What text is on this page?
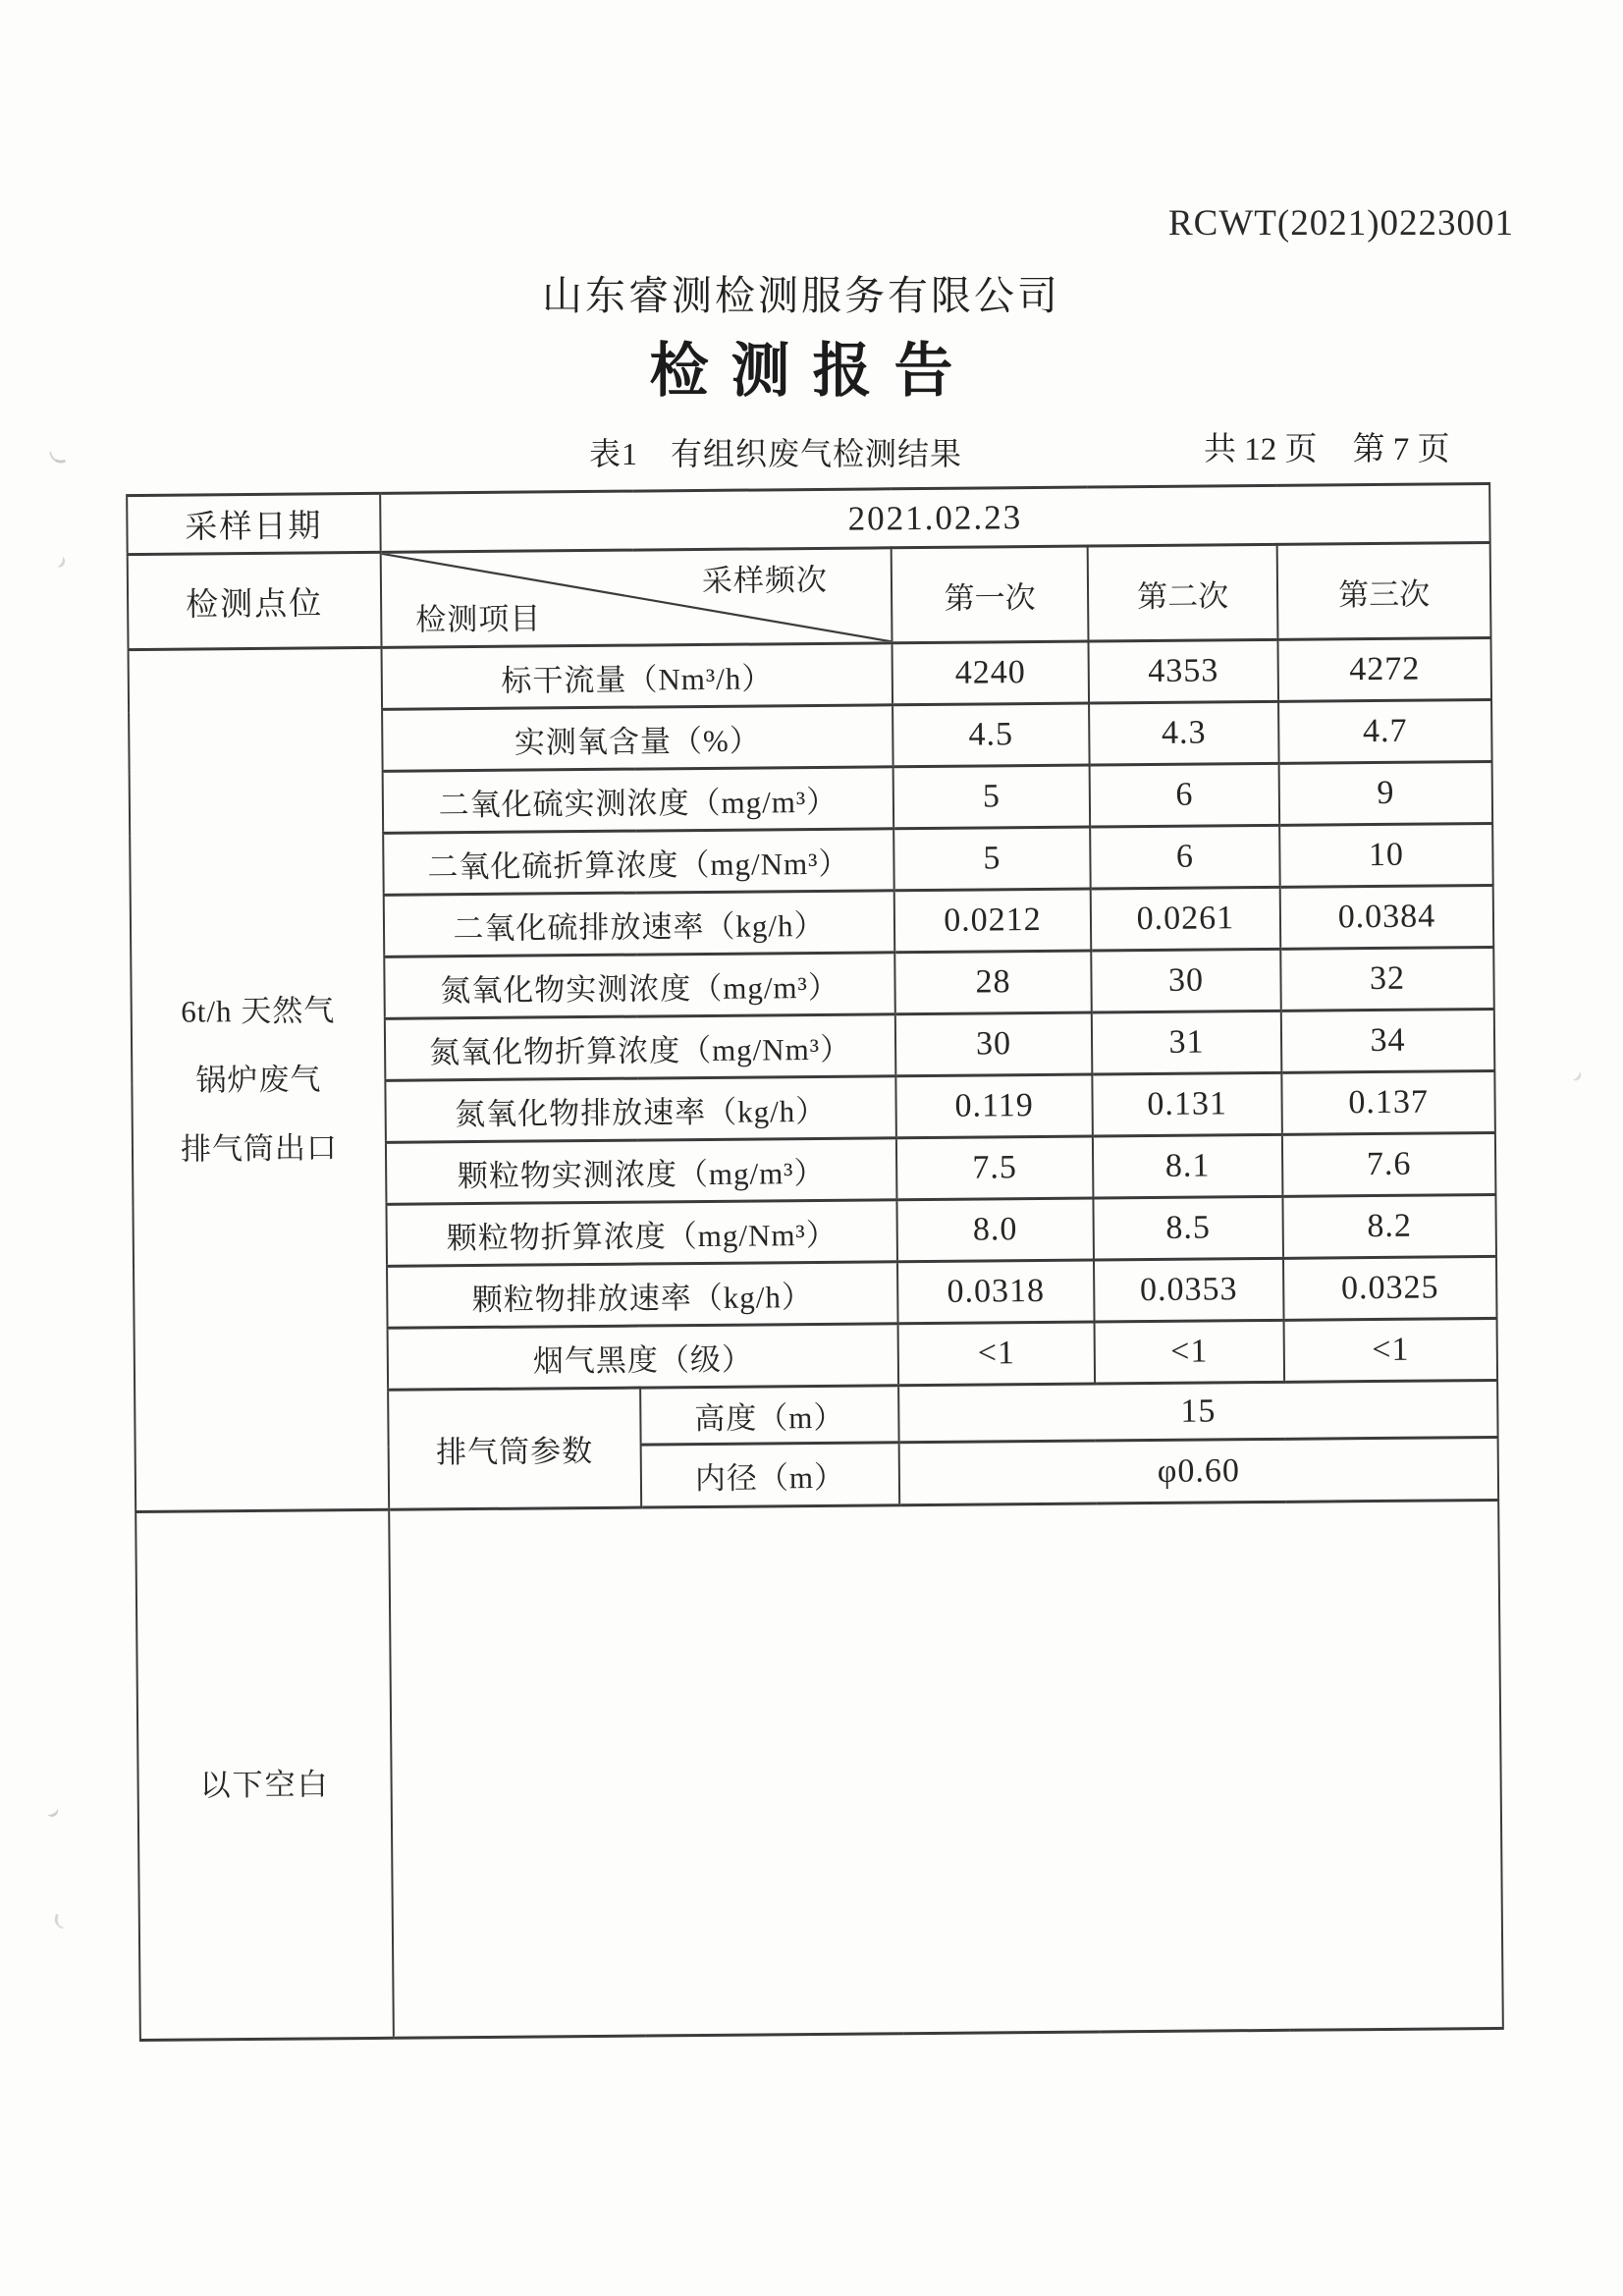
RCWT(2021)0223001
山东睿测检测服务有限公司
检测报告
表1　有组织废气检测结果	共 12 页 第 7 页
采样日期	2021.02.23				
检测点位	采样频次
检测项目		第一次	第二次	第三次

6t/h 天然气
锅炉废气
排气筒出口	标干流量（Nm³/h）		4240	4353	4272
	实测氧含量（%）		4.5	4.3	4.7
	二氧化硫实测浓度（mg/m³）		5	6	9
	二氧化硫折算浓度（mg/Nm³）		5	6	10
	二氧化硫排放速率（kg/h）		0.0212	0.0261	0.0384
	氮氧化物实测浓度（mg/m³）		28	30	32
	氮氧化物折算浓度（mg/Nm³）		30	31	34
	氮氧化物排放速率（kg/h）		0.119	0.131	0.137
	颗粒物实测浓度（mg/m³）		7.5	8.1	7.6
	颗粒物折算浓度（mg/Nm³）		8.0	8.5	8.2
	颗粒物排放速率（kg/h）		0.0318	0.0353	0.0325
	烟气黑度（级）		<1	<1	<1
	排气筒参数	高度（m）	15		
		内径（m）	φ0.60		
以下空白					
